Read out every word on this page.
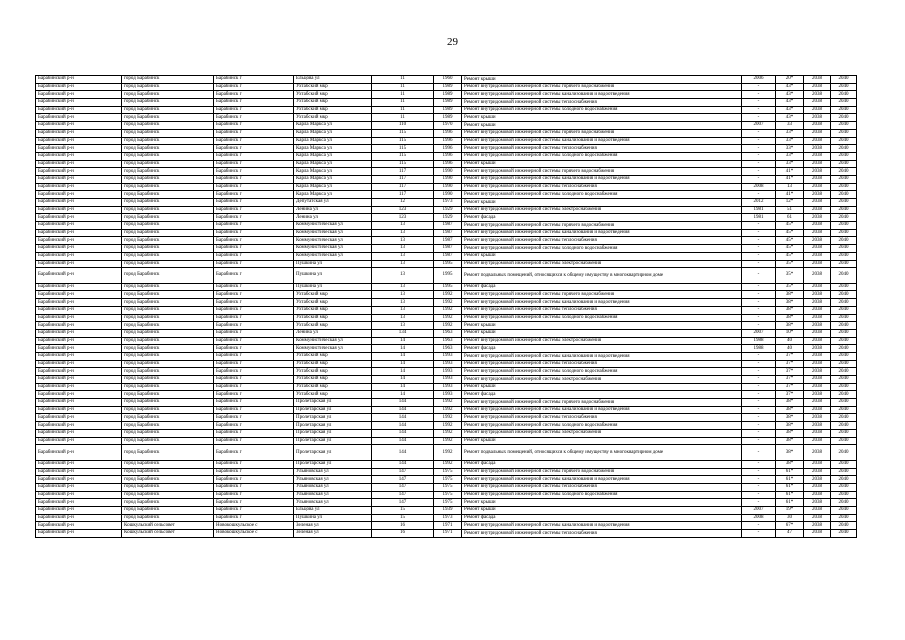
29
Барабинский р-н	город Барабинск	Барабинск г	Ельцова ул	11	1960	Ремонт крыши	2006	20*	2038	2040
Барабинский р-н	город Барабинск	Барабинск г	Ухтабский мкр	11	1989	Ремонт внутридомовой инженерной системы горячего водоснабжения	-	43*	2038	2040
Барабинский р-н	город Барабинск	Барабинск г	Ухтабский мкр	11	1989	Ремонт внутридомовой инженерной системы канализования и водоотведения	-	43*	2038	2040
Барабинский р-н	город Барабинск	Барабинск г	Ухтабский мкр	11	1989	Ремонт внутридомовой инженерной системы теплоснабжения	-	43*	2038	2040
Барабинский р-н	город Барабинск	Барабинск г	Ухтабский мкр	11	1989	Ремонт внутридомовой инженерной системы холодного водоснабжения	-	43*	2038	2040
Барабинский р-н	город Барабинск	Барабинск г	Ухтабский мкр	11	1989	Ремонт крыши	-	43*	2038	2040
Барабинский р-н	город Барабинск	Барабинск г	Карла Маркса ул	110	1970	Ремонт крыши	2007	33	2038	2040
Барабинский р-н	город Барабинск	Барабинск г	Карла Маркса ул	115	1996	Ремонт внутридомовой инженерной системы горячего водоснабжения	-	33*	2038	2040
Барабинский р-н	город Барабинск	Барабинск г	Карла Маркса ул	115	1996	Ремонт внутридомовой инженерной системы канализования и водоотведения	-	33*	2038	2040
Барабинский р-н	город Барабинск	Барабинск г	Карла Маркса ул	115	1996	Ремонт внутридомовой инженерной системы теплоснабжения	-	33*	2038	2040
Барабинский р-н	город Барабинск	Барабинск г	Карла Маркса ул	115	1996	Ремонт внутридомовой инженерной системы холодного водоснабжения	-	33*	2038	2040
Барабинский р-н	город Барабинск	Барабинск г	Карла Маркса ул	115	1996	Ремонт крыши	-	33*	2038	2040
Барабинский р-н	город Барабинск	Барабинск г	Карла Маркса ул	117	1990	Ремонт внутридомовой инженерной системы горячего водоснабжения	-	41*	2038	2040
Барабинский р-н	город Барабинск	Барабинск г	Карла Маркса ул	117	1990	Ремонт внутридомовой инженерной системы канализования и водоотведения	-	41*	2038	2040
Барабинский р-н	город Барабинск	Барабинск г	Карла Маркса ул	117	1990	Ремонт внутридомовой инженерной системы теплоснабжения	2008	13	2038	2040
Барабинский р-н	город Барабинск	Барабинск г	Карла Маркса ул	117	1990	Ремонт внутридомовой инженерной системы холодного водоснабжения	-	41*	2038	2040
Барабинский р-н	город Барабинск	Барабинск г	Депутатская ул	12	1973	Ремонт крыши	2012	12*	2038	2040
Барабинский р-н	город Барабинск	Барабинск г	Ленина ул	123	1929	Ремонт внутридомовой инженерной системы электроснабжения	1981	51	2038	2040
Барабинский р-н	город Барабинск	Барабинск г	Ленина ул	123	1929	Ремонт фасада	1981	61	2038	2040
Барабинский р-н	город Барабинск	Барабинск г	Коммунистическая ул	13	1987	Ремонт внутридомовой инженерной системы горячего водоснабжения	-	45*	2038	2040
Барабинский р-н	город Барабинск	Барабинск г	Коммунистическая ул	13	1987	Ремонт внутридомовой инженерной системы канализования и водоотведения	-	45*	2038	2040
Барабинский р-н	город Барабинск	Барабинск г	Коммунистическая ул	13	1987	Ремонт внутридомовой инженерной системы теплоснабжения	-	45*	2038	2040
Барабинский р-н	город Барабинск	Барабинск г	Коммунистическая ул	13	1987	Ремонт внутридомовой инженерной системы холодного водоснабжения	-	45*	2038	2040
Барабинский р-н	город Барабинск	Барабинск г	Коммунистическая ул	13	1987	Ремонт крыши	-	45*	2038	2040
Барабинский р-н	город Барабинск	Барабинск г	Пушкина ул	13	1995	Ремонт внутридомовой инженерной системы электроснабжения	-	35*	2038	2040
Барабинский р-н	город Барабинск	Барабинск г	Пушкина ул	13	1995	Ремонт подвальных помещений, относящихся к общему имуществу в многоквартирном доме	-	35*	2038	2040
Барабинский р-н	город Барабинск	Барабинск г	Пушкина ул	13	1995	Ремонт фасада	-	35*	2038	2040
Барабинский р-н	город Барабинск	Барабинск г	Ухтабский мкр	13	1992	Ремонт внутридомовой инженерной системы горячего водоснабжения	-	38*	2038	2040
Барабинский р-н	город Барабинск	Барабинск г	Ухтабский мкр	13	1992	Ремонт внутридомовой инженерной системы канализования и водоотведения	-	38*	2038	2040
Барабинский р-н	город Барабинск	Барабинск г	Ухтабский мкр	13	1992	Ремонт внутридомовой инженерной системы теплоснабжения	-	38*	2038	2040
Барабинский р-н	город Барабинск	Барабинск г	Ухтабский мкр	13	1992	Ремонт внутридомовой инженерной системы холодного водоснабжения	-	38*	2038	2040
Барабинский р-н	город Барабинск	Барабинск г	Ухтабский мкр	13	1992	Ремонт крыши	-	38*	2038	2040
Барабинский р-н	город Барабинск	Барабинск г	Ленина ул	134	1963	Ремонт крыши	2007	10*	2038	2040
Барабинский р-н	город Барабинск	Барабинск г	Коммунистическая ул	14	1963	Ремонт внутридомовой инженерной системы электроснабжения	1988	40	2038	2040
Барабинский р-н	город Барабинск	Барабинск г	Коммунистическая ул	14	1963	Ремонт фасада	1988	40	2038	2040
Барабинский р-н	город Барабинск	Барабинск г	Ухтабский мкр	14	1993	Ремонт внутридомовой инженерной системы канализования и водоотведения	-	37*	2038	2040
Барабинский р-н	город Барабинск	Барабинск г	Ухтабский мкр	14	1993	Ремонт внутридомовой инженерной системы теплоснабжения	-	37*	2038	2040
Барабинский р-н	город Барабинск	Барабинск г	Ухтабский мкр	14	1993	Ремонт внутридомовой инженерной системы холодного водоснабжения	-	37*	2038	2040
Барабинский р-н	город Барабинск	Барабинск г	Ухтабский мкр	14	1993	Ремонт внутридомовой инженерной системы электроснабжения	-	37*	2038	2040
Барабинский р-н	город Барабинск	Барабинск г	Ухтабский мкр	14	1993	Ремонт крыши	-	37*	2038	2040
Барабинский р-н	город Барабинск	Барабинск г	Ухтабский мкр	14	1993	Ремонт фасада	-	37*	2038	2040
Барабинский р-н	город Барабинск	Барабинск г	Пролетарская ул	144	1992	Ремонт внутридомовой инженерной системы горячего водоснабжения	-	38*	2038	2040
Барабинский р-н	город Барабинск	Барабинск г	Пролетарская ул	144	1992	Ремонт внутридомовой инженерной системы канализования и водоотведения	-	38*	2038	2040
Барабинский р-н	город Барабинск	Барабинск г	Пролетарская ул	144	1992	Ремонт внутридомовой инженерной системы теплоснабжения	-	38*	2038	2040
Барабинский р-н	город Барабинск	Барабинск г	Пролетарская ул	144	1992	Ремонт внутридомовой инженерной системы холодного водоснабжения	-	38*	2038	2040
Барабинский р-н	город Барабинск	Барабинск г	Пролетарская ул	144	1992	Ремонт внутридомовой инженерной системы электроснабжения	-	38*	2038	2040
Барабинский р-н	город Барабинск	Барабинск г	Пролетарская ул	144	1992	Ремонт крыши	-	38*	2038	2040
Барабинский р-н	город Барабинск	Барабинск г	Пролетарская ул	144	1992	Ремонт подвальных помещений, относящихся к общему имуществу в многоквартирном доме	-	38*	2038	2040
Барабинский р-н	город Барабинск	Барабинск г	Пролетарская ул	144	1992	Ремонт фасада	-	38*	2038	2040
Барабинский р-н	город Барабинск	Барабинск г	Ульяновская ул	147	1975	Ремонт внутридомовой инженерной системы горячего водоснабжения	-	61*	2038	2040
Барабинский р-н	город Барабинск	Барабинск г	Ульяновская ул	147	1975	Ремонт внутридомовой инженерной системы канализования и водоотведения	-	61*	2038	2040
Барабинский р-н	город Барабинск	Барабинск г	Ульяновская ул	147	1975	Ремонт внутридомовой инженерной системы теплоснабжения	-	61*	2038	2040
Барабинский р-н	город Барабинск	Барабинск г	Ульяновская ул	147	1975	Ремонт внутридомовой инженерной системы холодного водоснабжения	-	61*	2038	2040
Барабинский р-н	город Барабинск	Барабинск г	Ульяновская ул	147	1975	Ремонт крыши	-	61*	2038	2040
Барабинский р-н	город Барабинск	Барабинск г	Ельцова ул	15	1939	Ремонт крыши	2007	19*	2038	2040
Барабинский р-н	город Барабинск	Барабинск г	Пушкина ул	15	1973	Ремонт фасада	2008	30	2038	2040
Барабинский р-н	Кошкульский сельсовет	Новокошкульское с	Зеленая ул	16	1971	Ремонт внутридомовой инженерной системы канализования и водоотведения	-	67*	2038	2040
Барабинский р-н	Кошкульский сельсовет	Новокошкульское с	Зеленая ул	16	1971	Ремонт внутридомовой инженерной системы теплоснабжения	-	47	2038	2040
